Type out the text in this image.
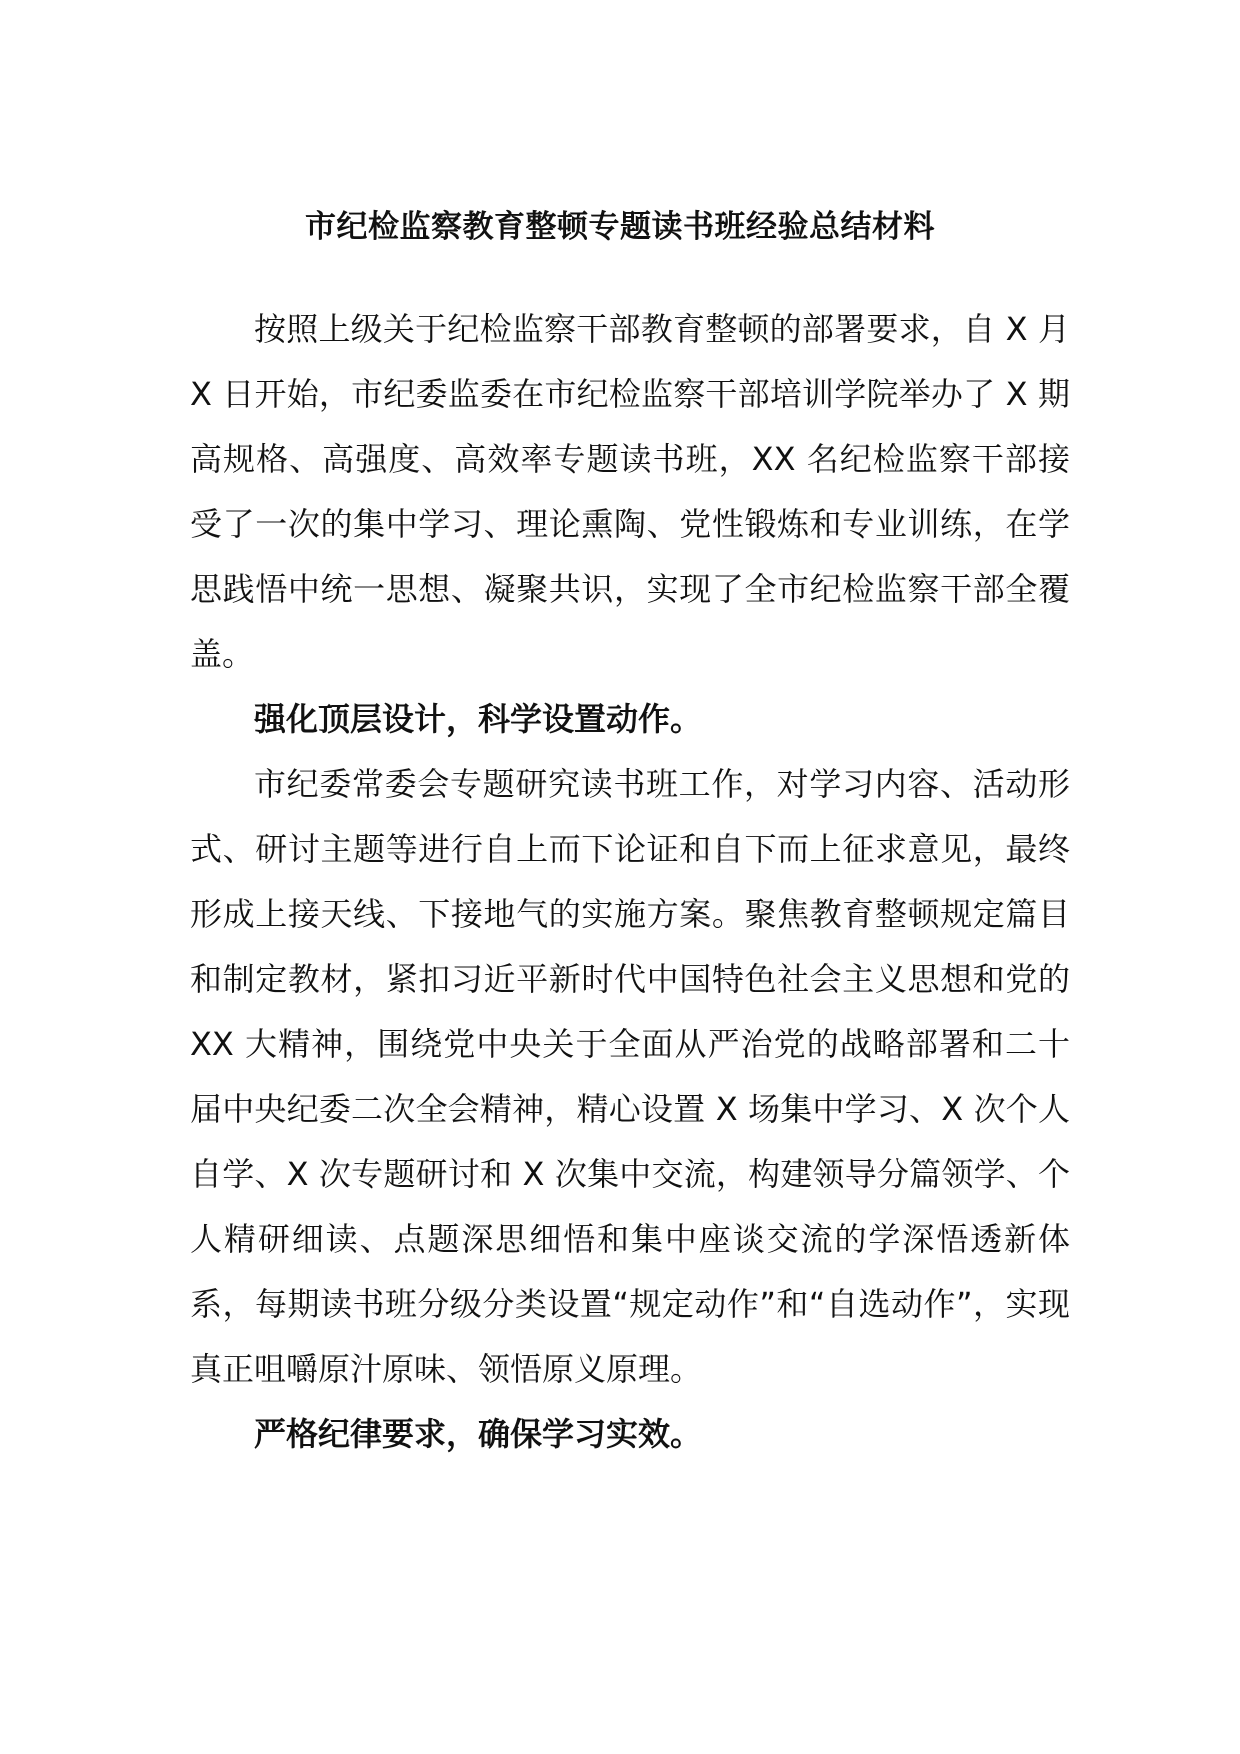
市纪检监察教育整顿专题读书班经验总结材料

按照上级关于纪检监察干部教育整顿的部署要求，自 X 月 X 日开始，市纪委监委在市纪检监察干部培训学院举办了 X 期高规格、高强度、高效率专题读书班，XX 名纪检监察干部接受了一次的集中学习、理论熏陶、党性锻炼和专业训练，在学思践悟中统一思想、凝聚共识，实现了全市纪检监察干部全覆盖。

强化顶层设计，科学设置动作。

市纪委常委会专题研究读书班工作，对学习内容、活动形式、研讨主题等进行自上而下论证和自下而上征求意见，最终形成上接天线、下接地气的实施方案。聚焦教育整顿规定篇目和制定教材，紧扣习近平新时代中国特色社会主义思想和党的 XX 大精神，围绕党中央关于全面从严治党的战略部署和二十届中央纪委二次全会精神，精心设置 X 场集中学习、X 次个人自学、X 次专题研讨和 X 次集中交流，构建领导分篇领学、个人精研细读、点题深思细悟和集中座谈交流的学深悟透新体系，每期读书班分级分类设置“规定动作”和“自选动作”，实现真正咀嚼原汁原味、领悟原义原理。

严格纪律要求，确保学习实效。
